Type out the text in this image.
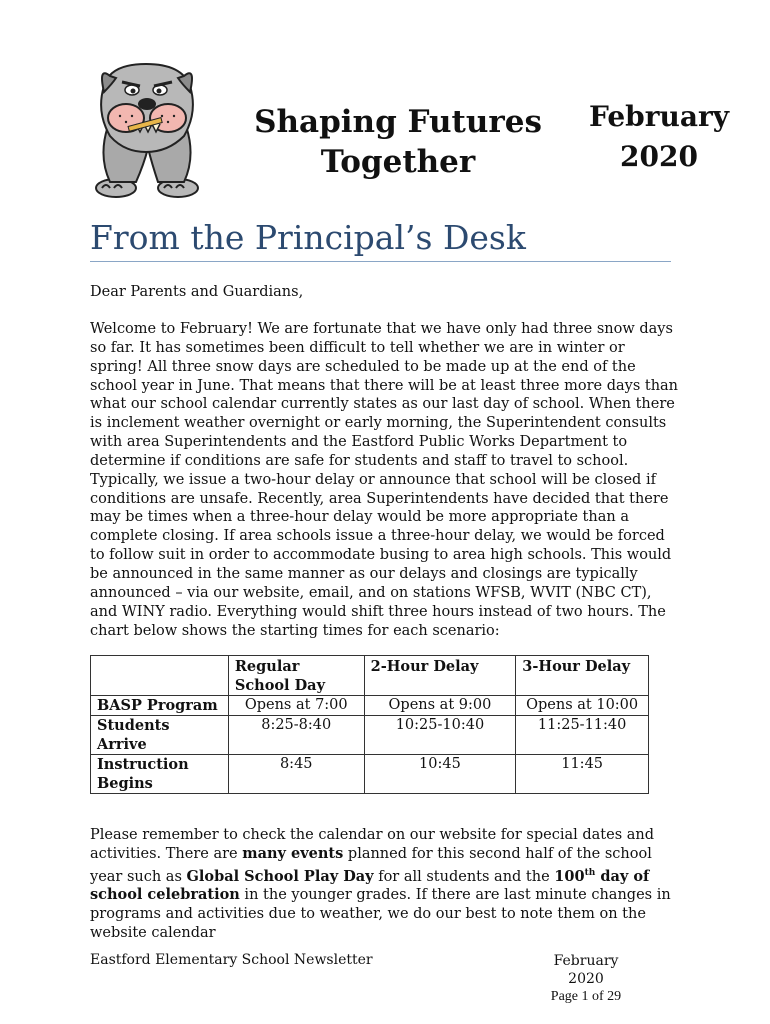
Shaping Futures
Together
February
2020
From the Principal’s Desk
Dear Parents and Guardians,

Welcome to February! We are fortunate that we have only had three snow days so far. It has sometimes been difficult to tell whether we are in winter or spring! All three snow days are scheduled to be made up at the end of the school year in June. That means that there will be at least three more days than what our school calendar currently states as our last day of school. When there is inclement weather overnight or early morning, the Superintendent consults with area Superintendents and the Eastford Public Works Department to determine if conditions are safe for students and staff to travel to school. Typically, we issue a two-hour delay or announce that school will be closed if conditions are unsafe. Recently, area Superintendents have decided that there may be times when a three-hour delay would be more appropriate than a complete closing. If area schools issue a three-hour delay, we would be forced to follow suit in order to accommodate busing to area high schools. This would be announced in the same manner as our delays and closings are typically announced – via our website, email, and on stations WFSB, WVIT (NBC CT), and WINY radio. Everything would shift three hours instead of two hours. The chart below shows the starting times for each scenario:

	Regular School Day	2-Hour Delay	3-Hour Delay
BASP Program	Opens at 7:00	Opens at 9:00	Opens at 10:00
Students Arrive	8:25-8:40	10:25-10:40	11:25-11:40
Instruction Begins	8:45	10:45	11:45

Please remember to check the calendar on our website for special dates and activities. There are many events planned for this second half of the school year such as Global School Play Day for all students and the 100th day of school celebration in the younger grades. If there are last minute changes in programs and activities due to weather, we do our best to note them on the website calendar

Eastford Elementary School Newsletter	February 2020
Page 1 of 29
